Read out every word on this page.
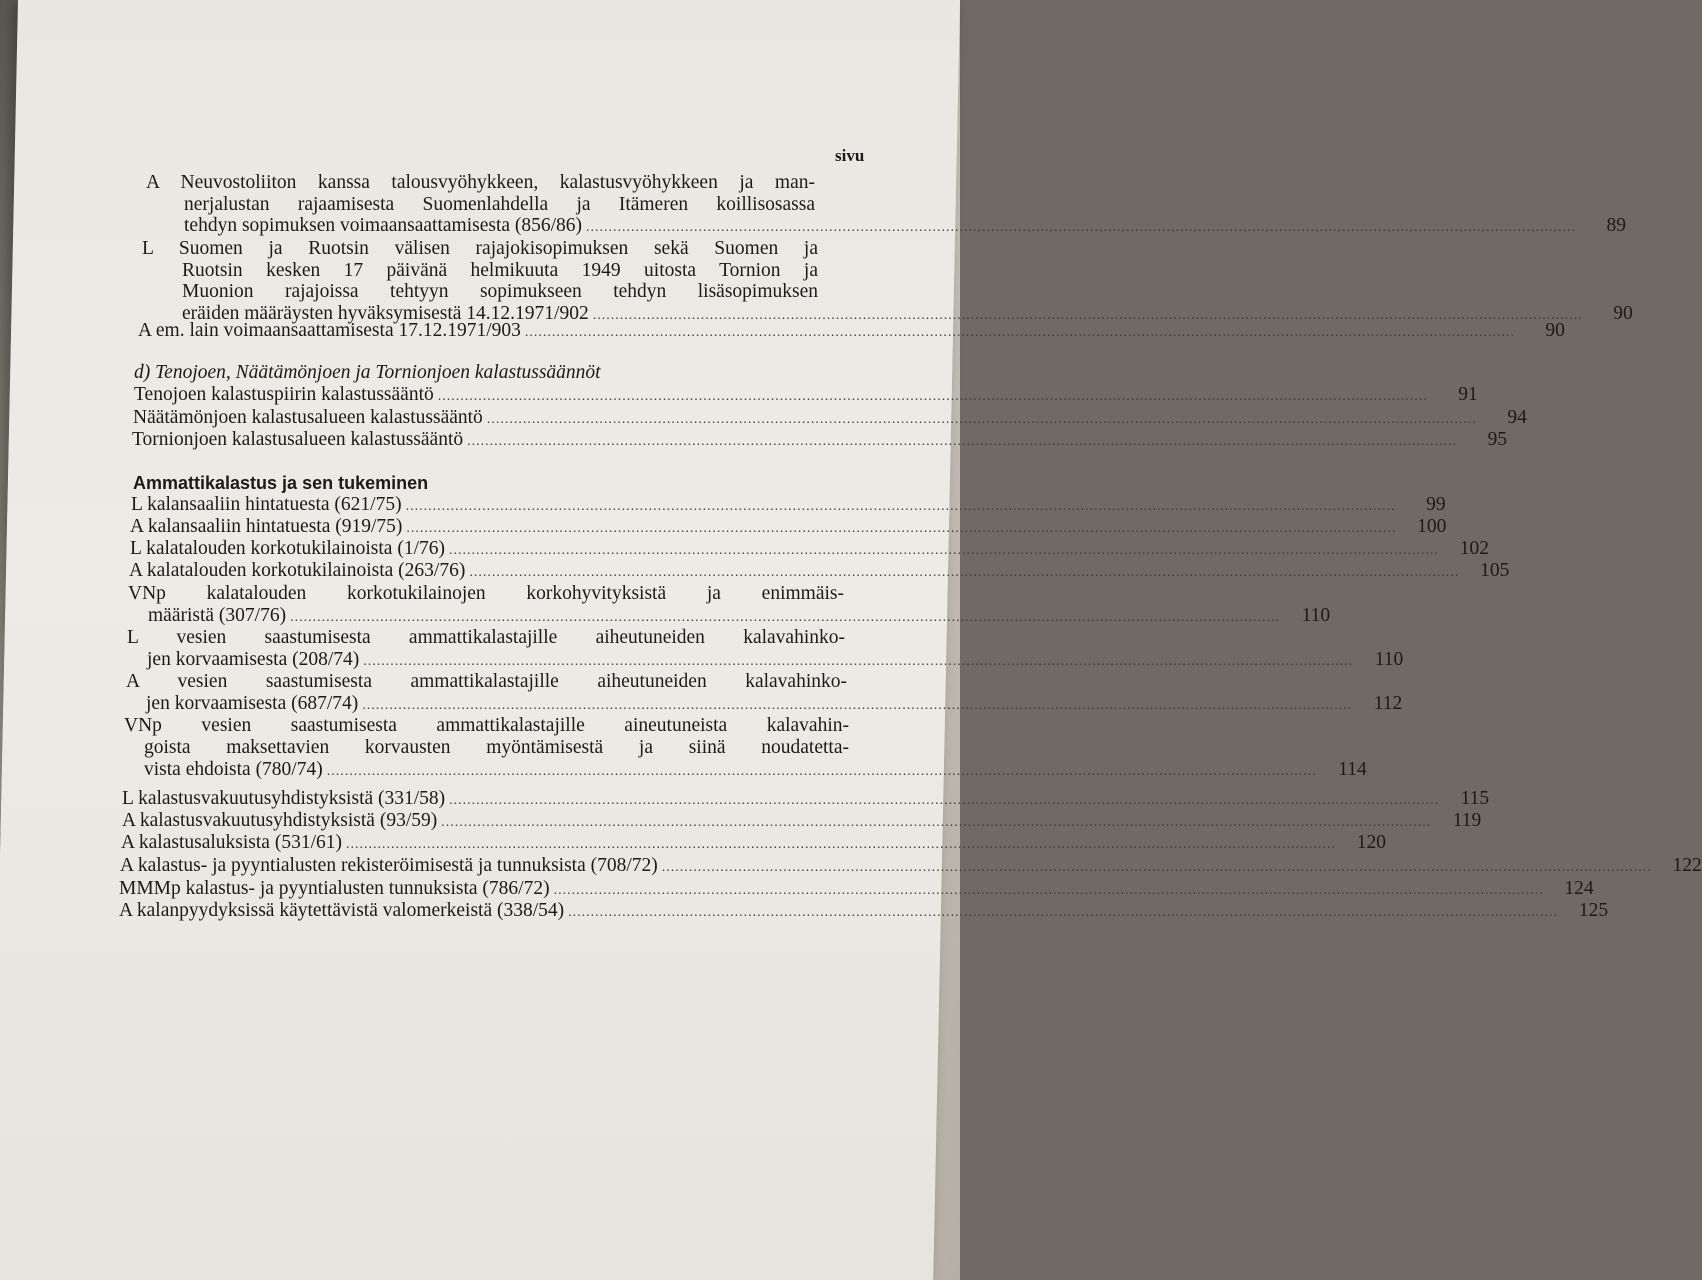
sivu
A Neuvostoliiton kanssa talousvyöhykkeen, kalastusvyöhykkeen ja man-
nerjalustan rajaamisesta Suomenlahdella ja Itämeren koillisosassa
tehdyn sopimuksen voimaansaattamisesta (856/86) ............................................................................................................................................................................................................................	89
L Suomen ja Ruotsin välisen rajajokisopimuksen sekä Suomen ja
Ruotsin kesken 17 päivänä helmikuuta 1949 uitosta Tornion ja
Muonion rajajoissa tehtyyn sopimukseen tehdyn lisäsopimuksen
eräiden määräysten hyväksymisestä 14.12.1971/902 ............................................................................................................................................................................................................................	90
A em. lain voimaansaattamisesta 17.12.1971/903 ............................................................................................................................................................................................................................	90
d) Tenojoen, Näätämönjoen ja Tornionjoen kalastussäännöt
Tenojoen kalastuspiirin kalastussääntö ............................................................................................................................................................................................................................	91
Näätämönjoen kalastusalueen kalastussääntö ............................................................................................................................................................................................................................	94
Tornionjoen kalastusalueen kalastussääntö ............................................................................................................................................................................................................................	95
Ammattikalastus ja sen tukeminen
L kalansaaliin hintatuesta (621/75) ............................................................................................................................................................................................................................	99
A kalansaaliin hintatuesta (919/75) ............................................................................................................................................................................................................................	100
L kalatalouden korkotukilainoista (1/76) ............................................................................................................................................................................................................................	102
A kalatalouden korkotukilainoista (263/76) ............................................................................................................................................................................................................................	105
VNp kalatalouden korkotukilainojen korkohyvityksistä ja enimmäis-
määristä (307/76) ............................................................................................................................................................................................................................	110
L vesien saastumisesta ammattikalastajille aiheutuneiden kalavahinko-
jen korvaamisesta (208/74) ............................................................................................................................................................................................................................	110
A vesien saastumisesta ammattikalastajille aiheutuneiden kalavahinko-
jen korvaamisesta (687/74) ............................................................................................................................................................................................................................	112
VNp vesien saastumisesta ammattikalastajille aineutuneista kalavahin-
goista maksettavien korvausten myöntämisestä ja siinä noudatetta-
vista ehdoista (780/74) ............................................................................................................................................................................................................................	114
L kalastusvakuutusyhdistyksistä (331/58) ............................................................................................................................................................................................................................	115
A kalastusvakuutusyhdistyksistä (93/59) ............................................................................................................................................................................................................................	119
A kalastusaluksista (531/61) ............................................................................................................................................................................................................................	120
A kalastus- ja pyyntialusten rekisteröimisestä ja tunnuksista (708/72) ............................................................................................................................................................................................................................	122
MMMp kalastus- ja pyyntialusten tunnuksista (786/72) ............................................................................................................................................................................................................................	124
A kalanpyydyksissä käytettävistä valomerkeistä (338/54) ............................................................................................................................................................................................................................	125
